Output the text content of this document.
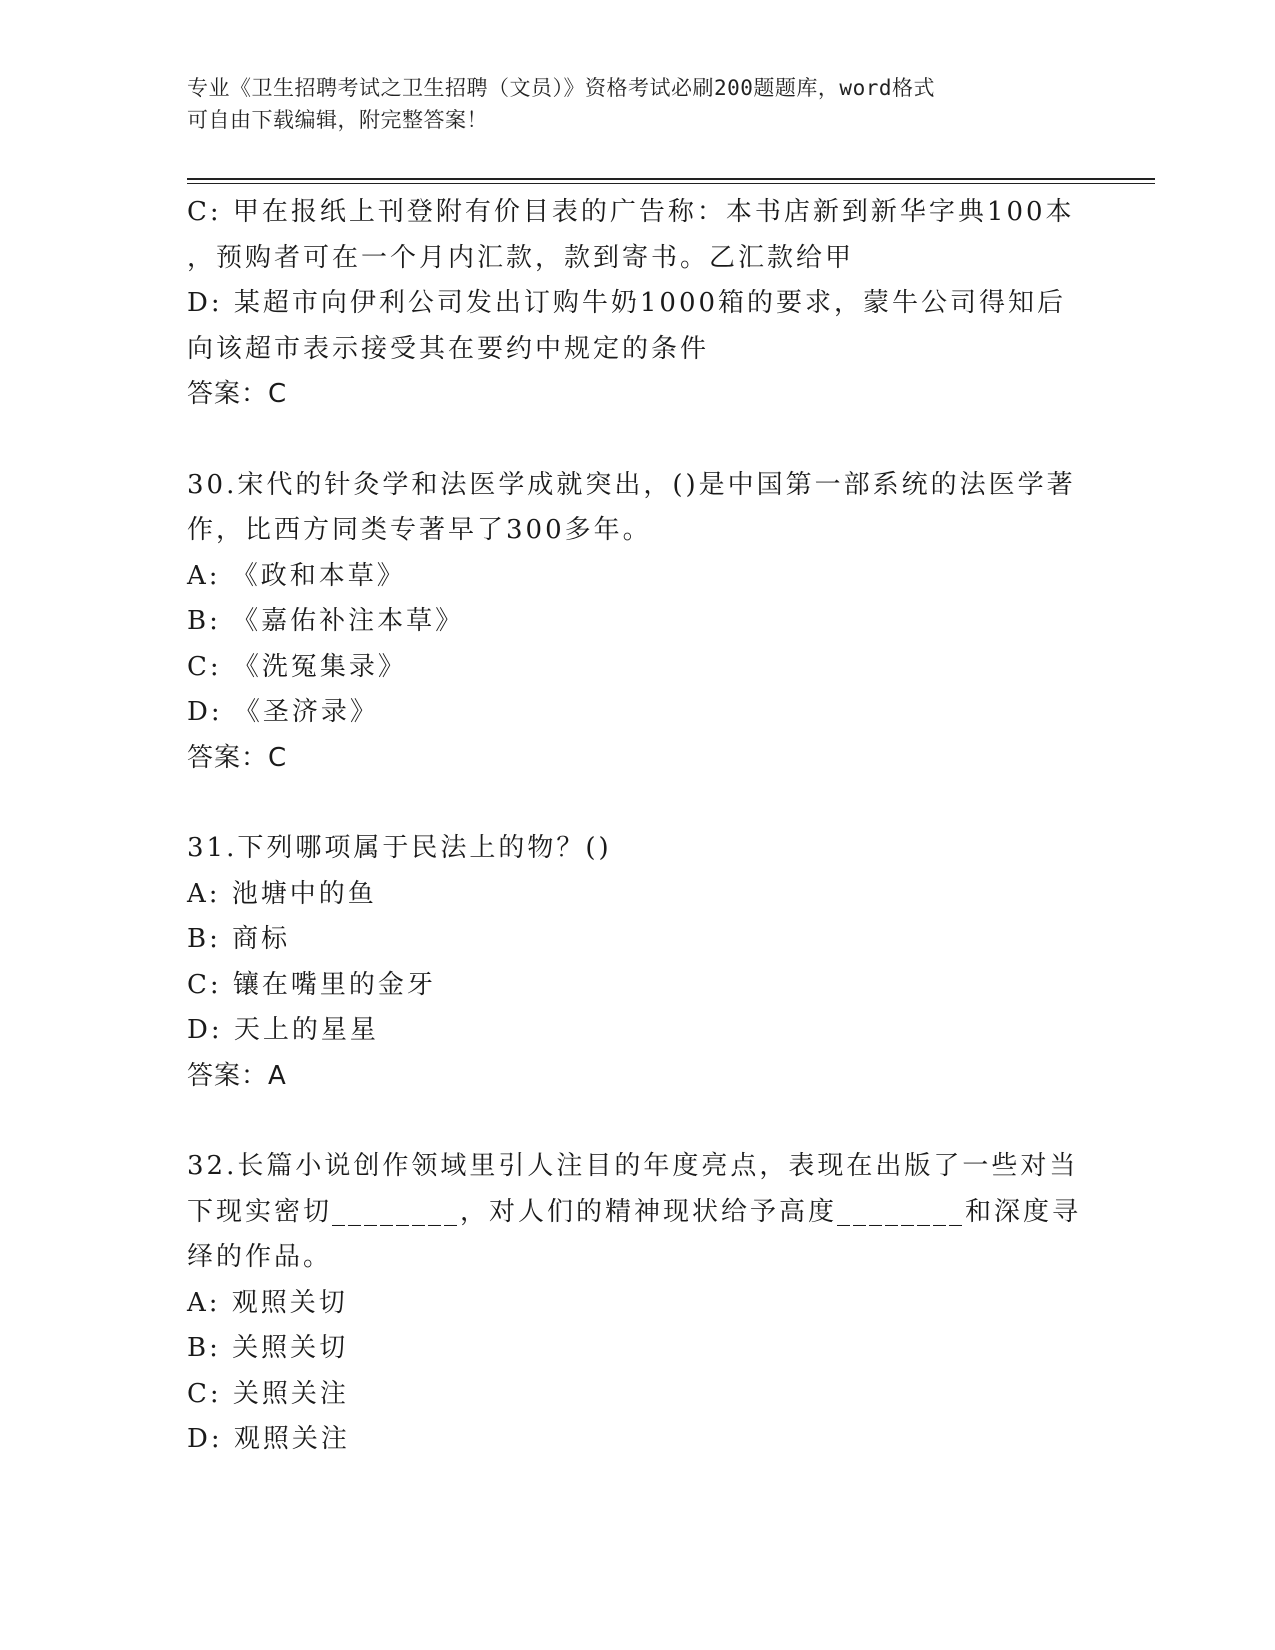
专业《卫生招聘考试之卫生招聘（文员）》资格考试必刷200题题库，word格式

可自由下载编辑，附完整答案！

C: 甲在报纸上刊登附有价目表的广告称：本书店新到新华字典100本

，预购者可在一个月内汇款，款到寄书。乙汇款给甲

D: 某超市向伊利公司发出订购牛奶1000箱的要求，蒙牛公司得知后

向该超市表示接受其在要约中规定的条件

答案：C

30.宋代的针灸学和法医学成就突出，()是中国第一部系统的法医学著

作，比西方同类专著早了300多年。

A: 《政和本草》

B: 《嘉佑补注本草》

C: 《洗冤集录》

D: 《圣济录》

答案：C

31.下列哪项属于民法上的物？()

A: 池塘中的鱼

B: 商标

C: 镶在嘴里的金牙

D: 天上的星星

答案：A

32.长篇小说创作领域里引人注目的年度亮点，表现在出版了一些对当

下现实密切________，对人们的精神现状给予高度________和深度寻

绎的作品。

A: 观照关切

B: 关照关切

C: 关照关注

D: 观照关注
